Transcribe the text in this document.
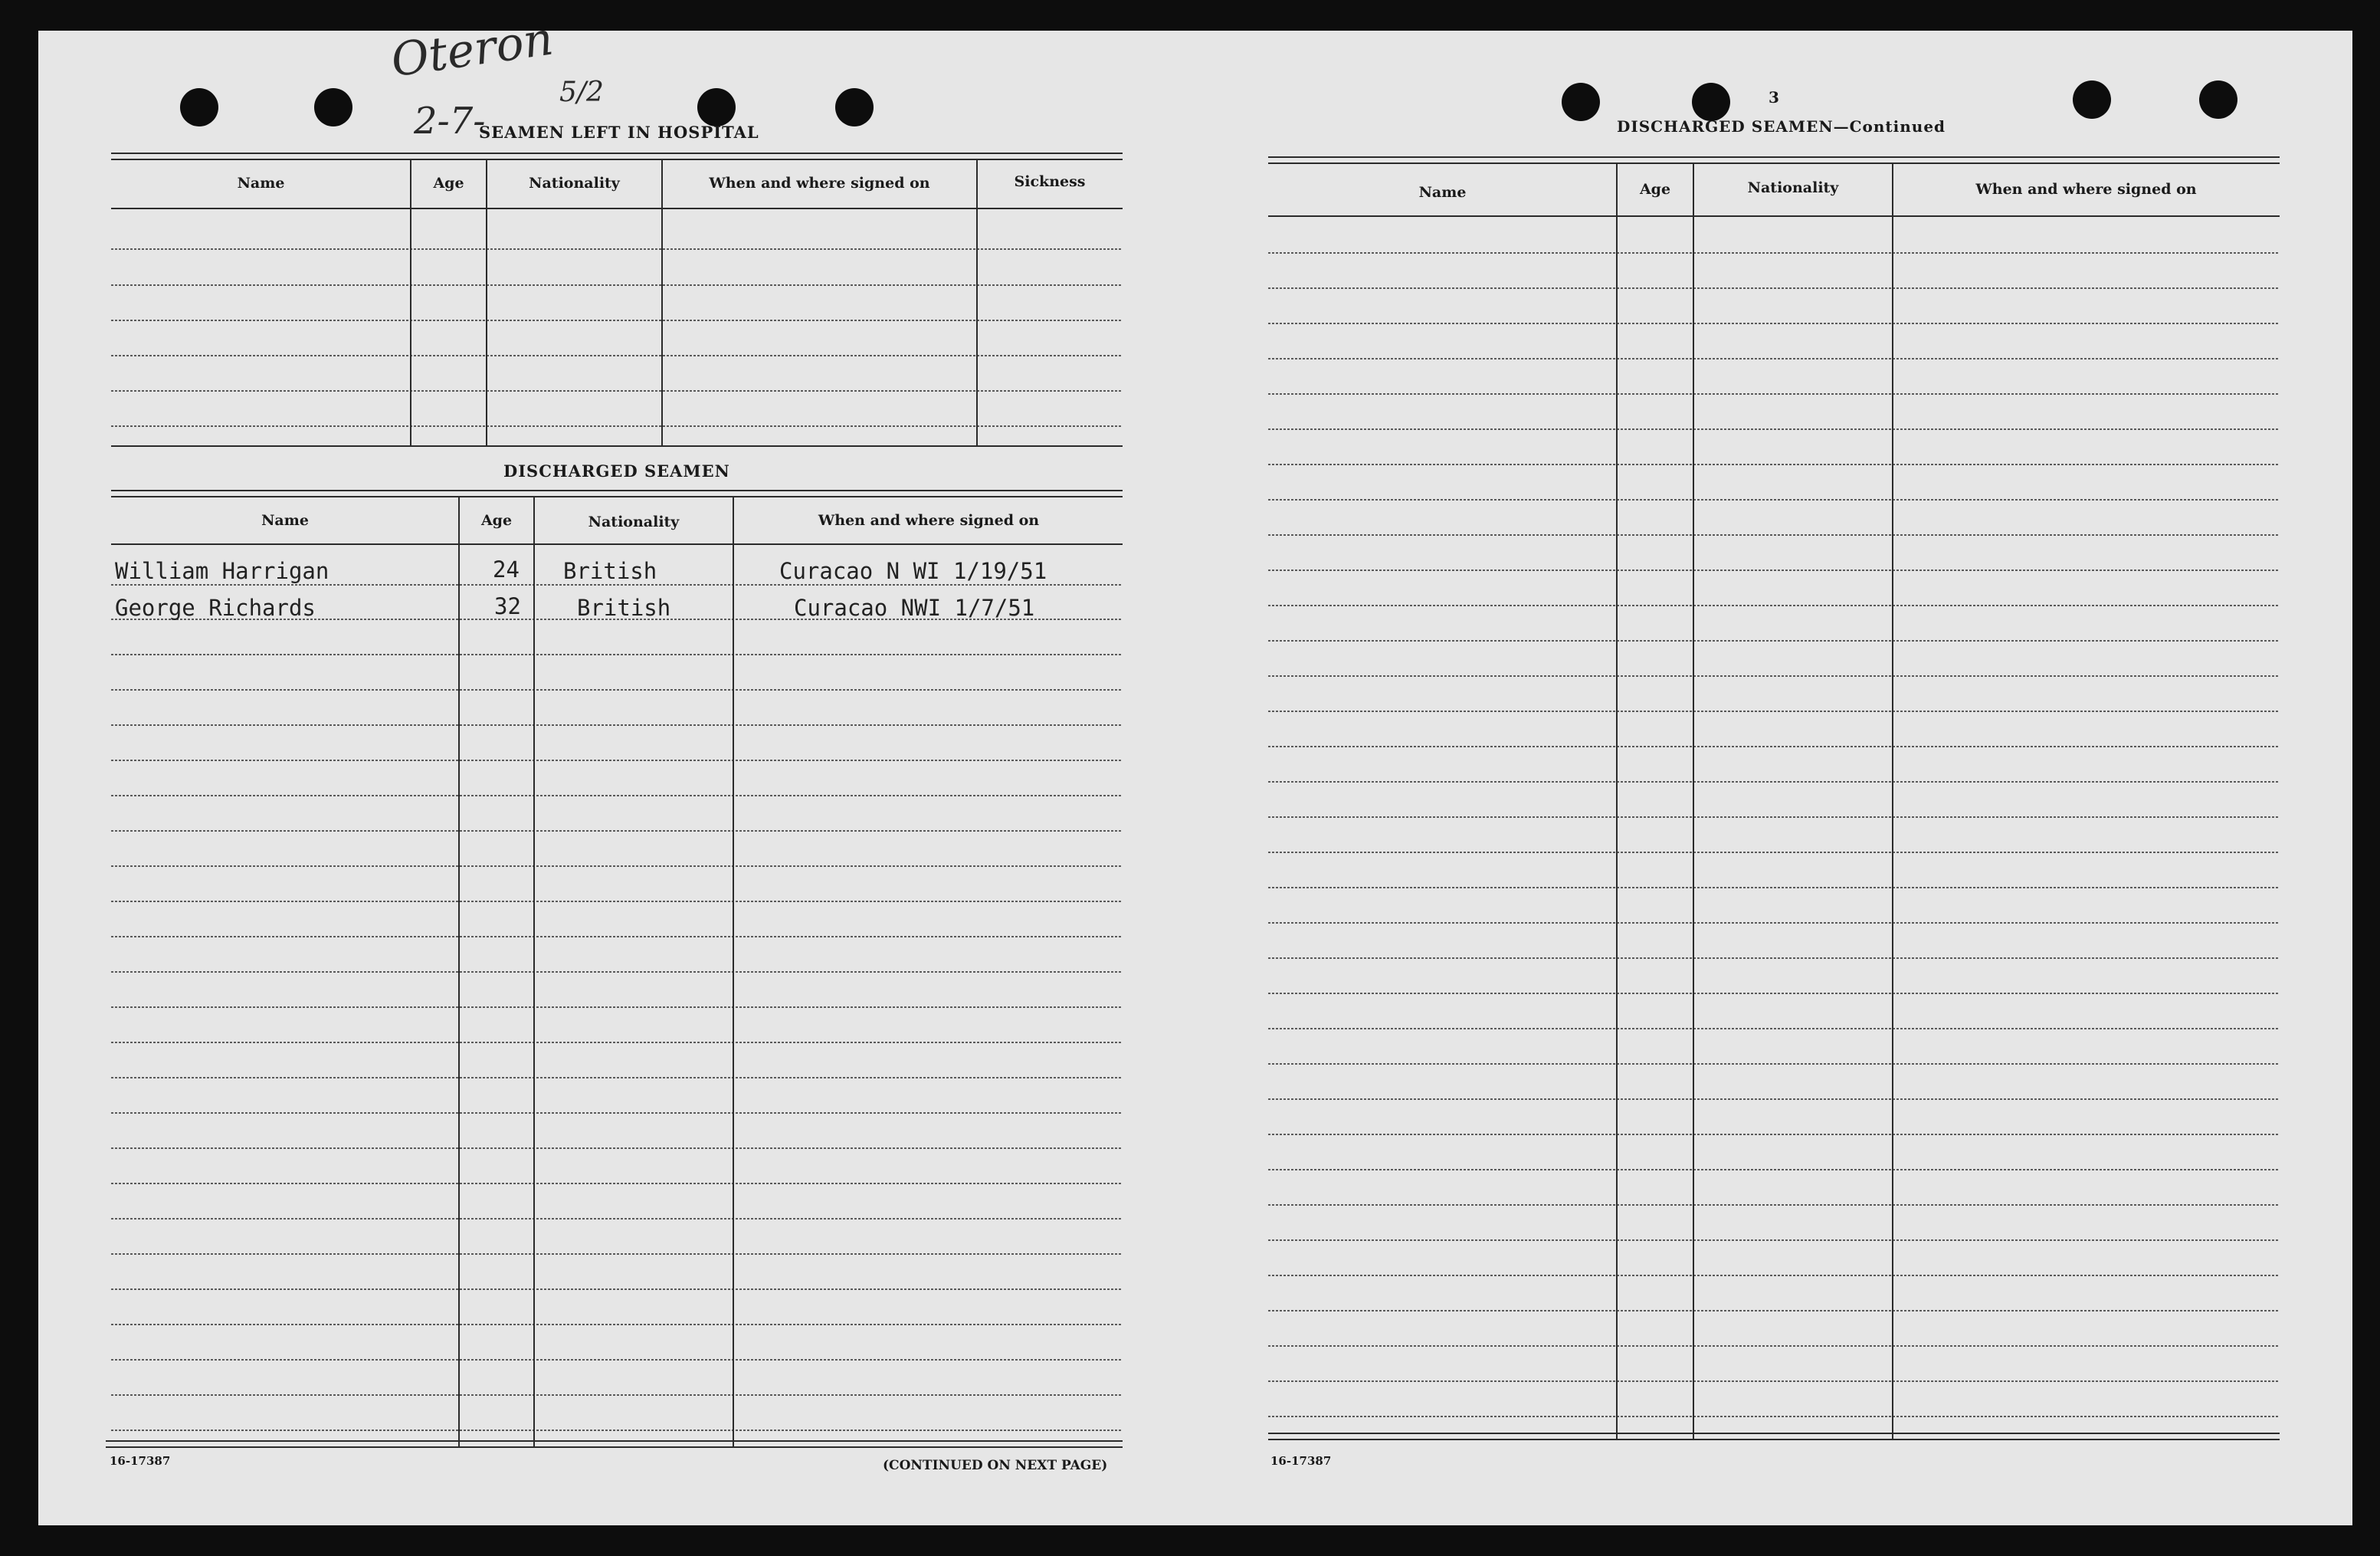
Oteron
5/2
2-7-
SEAMEN LEFT IN HOSPITAL
Name	Age	Nationality	When and where signed on	Sickness
DISCHARGED SEAMEN
Name	Age	Nationality	When and where signed on
William Harrigan	24 British	Curacao N WI 1/19/51
George Richards	32	British	Curacao NWI 1/7/51
16-17387	(CONTINUED ON NEXT PAGE)
3
DISCHARGED SEAMEN—Continued
Name	Age	Nationality	When and where signed on
16-17387
